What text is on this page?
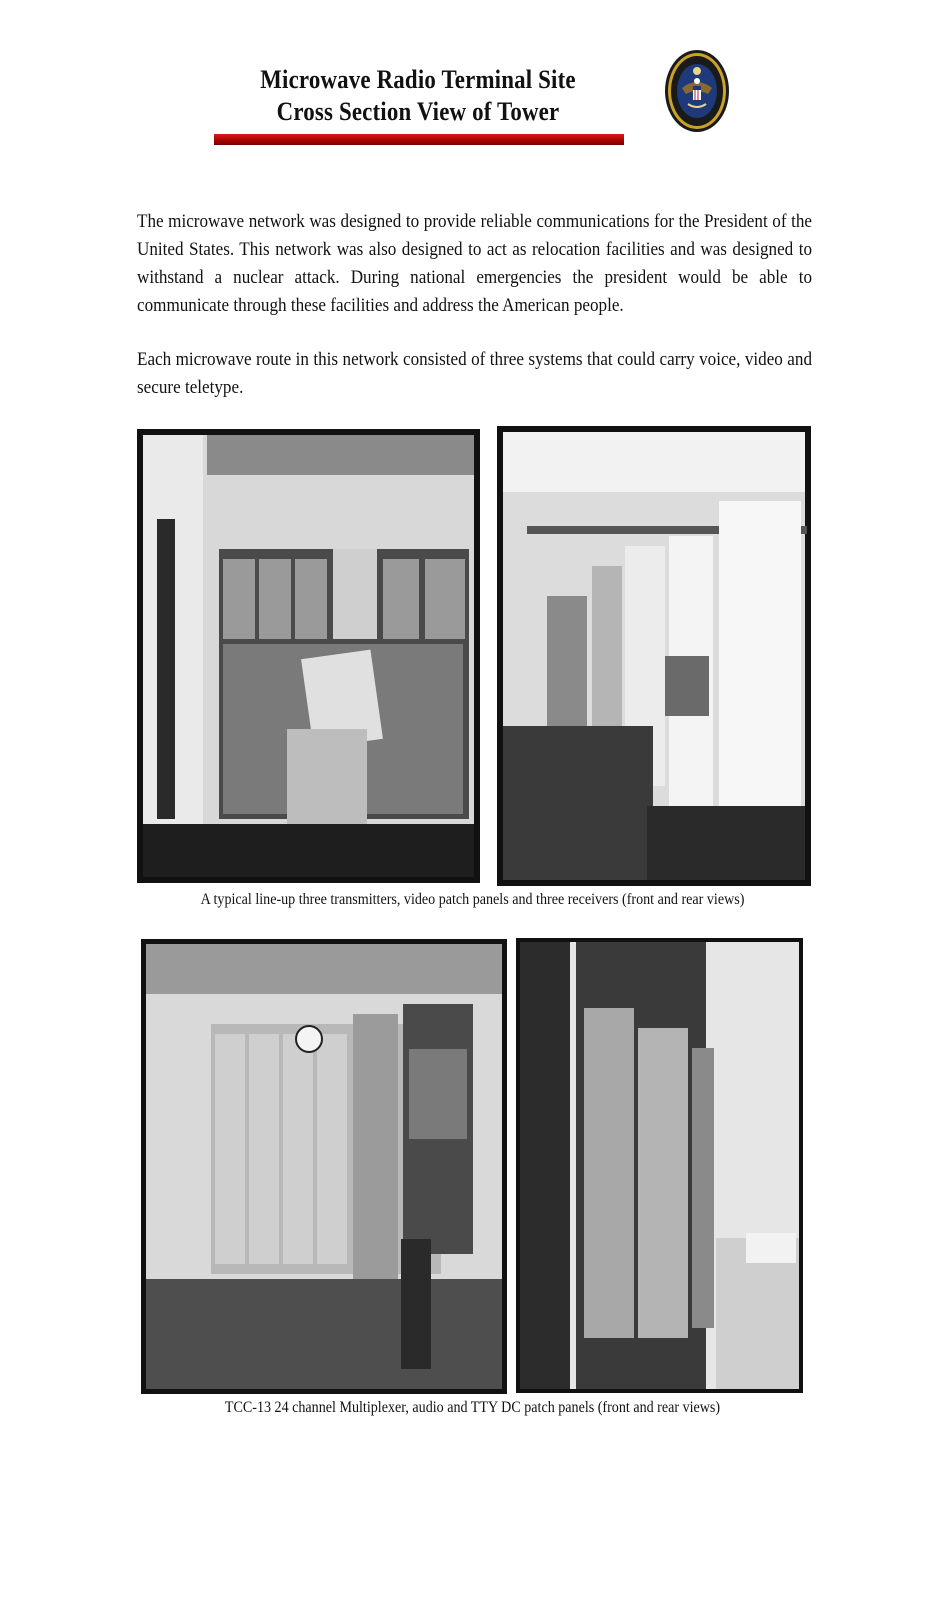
Microwave Radio Terminal Site
Cross Section View of Tower
The microwave network was designed to provide reliable communications for the President of the United States. This network was also designed to act as relocation facilities and was designed to withstand a nuclear attack. During national emergencies the president would be able to communicate through these facilities and address the American people.
Each microwave route in this network consisted of three systems that could carry voice, video and secure teletype.
A typical line-up three transmitters, video patch panels and three receivers (front and rear views)
TCC-13 24 channel Multiplexer, audio and TTY DC patch panels (front and rear views)
